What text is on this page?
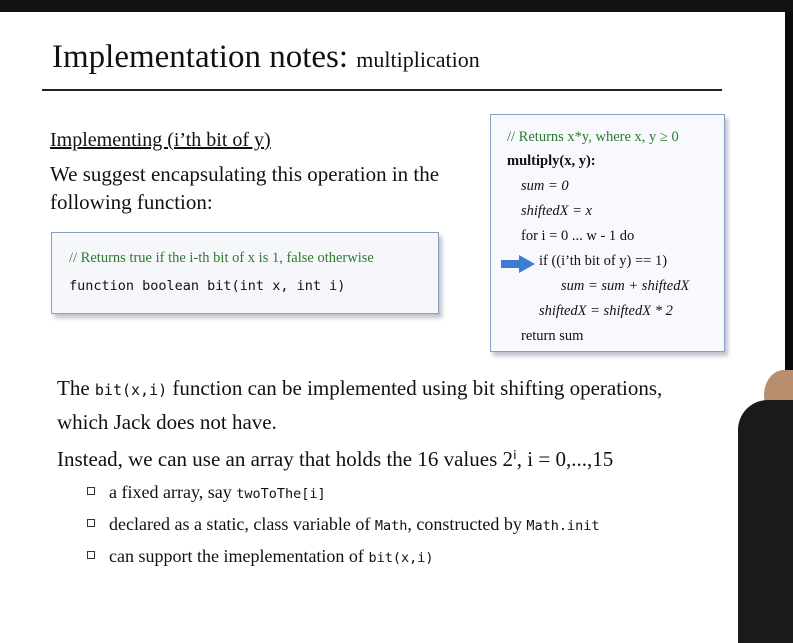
Implementation notes: multiplication
Implementing (i’th bit of y)
We suggest encapsulating this operation in the following function:
// Returns true if the i-th bit of x is 1, false otherwise
function boolean bit(int x, int i)
// Returns x*y, where x, y ≥ 0
multiply(x, y):
sum = 0
shiftedX = x
for i = 0 ... w - 1 do
if ((i’th bit of y) == 1)
sum = sum + shiftedX
shiftedX = shiftedX * 2
return sum
The bit(x,i) function can be implemented using bit shifting operations,
which Jack does not have.
Instead, we can use an array that holds the 16 values 2ⁱ, i = 0,...,15
a fixed array, say twoToThe[i]
declared as a static, class variable of Math, constructed by Math.init
can support the imeplementation of bit(x,i)
